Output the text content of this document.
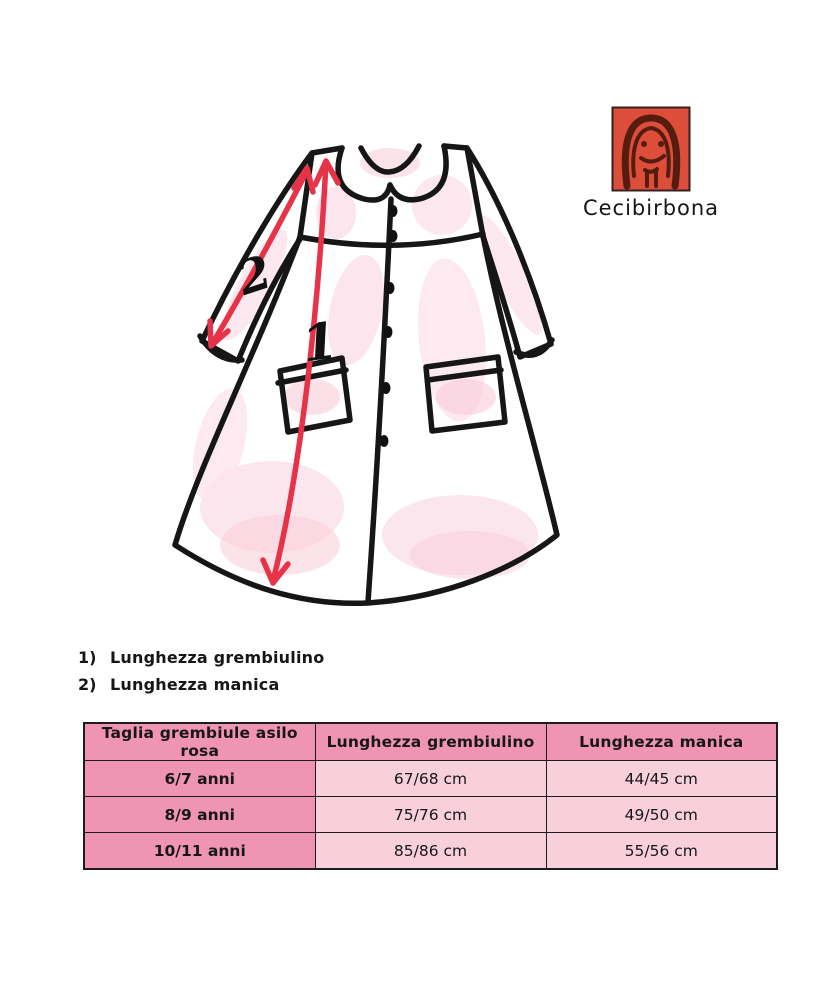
2
1
Cecibirbona
1) Lunghezza grembiulino
2) Lunghezza manica
Taglia grembiule asilo rosa	Lunghezza grembiulino	Lunghezza manica
6/7 anni	67/68 cm	44/45 cm
8/9 anni	75/76 cm	49/50 cm
10/11 anni	85/86 cm	55/56 cm
